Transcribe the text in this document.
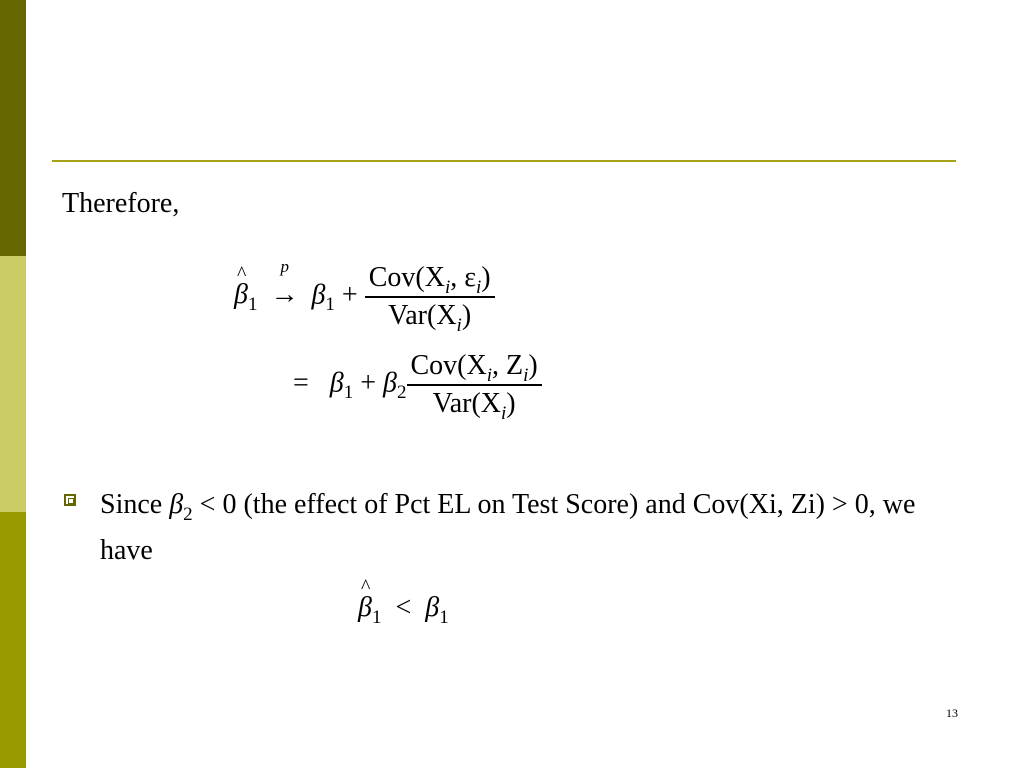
Therefore,
^ $\beta_1$
p
→ $\beta_1 + \frac{Cov(X_i, \varepsilon_i)}{Var(X_i)}$
= $\beta_1 + \beta_2 \frac{Cov(X_i, Z_i)}{Var(X_i)}$
Since $\beta_2 < 0$ (the effect of Pct EL on Test Score) and Cov(Xi, Zi) > 0, we have
^ $\beta_1 < \beta_1$
13
